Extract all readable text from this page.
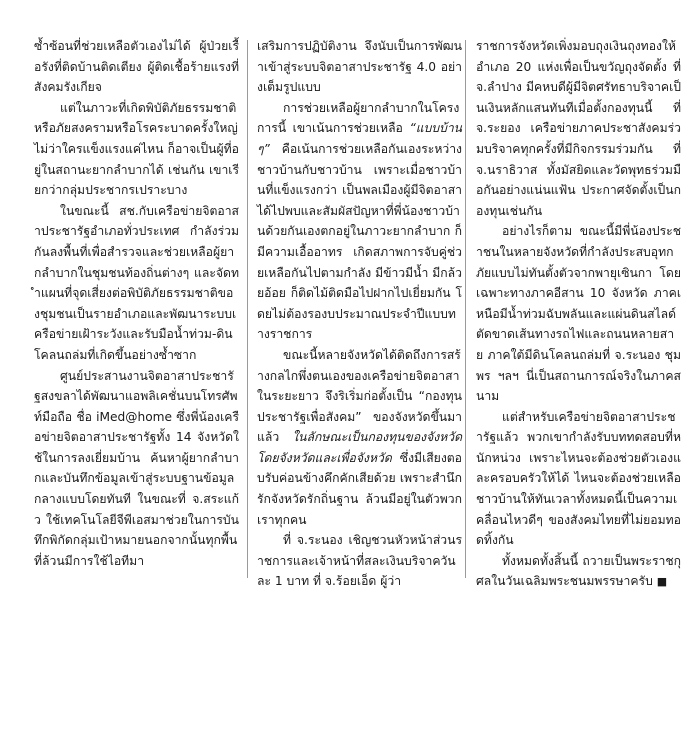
ซ้ำซ้อนที่ช่วยเหลือตัวเองไม่ได้ ผู้ป่วยเรื้อรังที่ติดบ้านติดเตียง ผู้ติดเชื้อร้ายแรงที่สังคมรังเกียจ

แต่ในภาวะที่เกิดพิบัติภัยธรรมชาติหรือภัยสงครามหรือโรคระบาดครั้งใหญ่ ไม่ว่าใครแข็งแรงแค่ไหน ก็อาจเป็นผู้ที่อยู่ในสถานะยากลำบากได้ เช่นกัน เขาเรียกว่ากลุ่มประชากรเปราะบาง

ในขณะนี้ สช.กับเครือข่ายจิตอาสาประชารัฐอำเภอทั่วประเทศ กำลังร่วมกันลงพื้นที่เพื่อสำรวจและช่วยเหลือผู้ยากลำบากในชุมชนท้องถิ่นต่างๆ และจัดทำแผนที่จุดเสี่ยงต่อพิบัติภัยธรรมชาติของชุมชนเป็นรายอำเภอและพัฒนาระบบเครือข่ายเฝ้าระวังและรับมือน้ำท่วม-ดินโคลนถล่มที่เกิดขึ้นอย่างซ้ำซาก

ศูนย์ประสานงานจิตอาสาประชารัฐสงขลาได้พัฒนาแอพลิเคชั่นบนโทรศัพท์มือถือ ชื่อ iMed@home ซึ่งพี่น้องเครือข่ายจิตอาสาประชารัฐทั้ง 14 จังหวัดใช้ในการลงเยี่ยมบ้าน ค้นหาผู้ยากลำบากและบันทึกข้อมูลเข้าสู่ระบบฐานข้อมูลกลางแบบโดยทันที ในขณะที่ จ.สระแก้ว ใช้เทคโนโลยีจีพีเอสมาช่วยในการบันทึกพิกัดกลุ่มเป้าหมายนอกจากนั้นทุกพื้นที่ล้วนมีการใช้ไอทีมา

เสริมการปฏิบัติงาน จึงนับเป็นการพัฒนาเข้าสู่ระบบจิตอาสาประชารัฐ 4.0 อย่างเต็มรูปแบบ

การช่วยเหลือผู้ยากลำบากในโครงการนี้ เขาเน้นการช่วยเหลือ “แบบบ้านๆ” คือเน้นการช่วยเหลือกันเองระหว่างชาวบ้านกับชาวบ้าน เพราะเมื่อชาวบ้านที่แข็งแรงกว่า เป็นพลเมืองผู้มีจิตอาสา ได้ไปพบและสัมผัสปัญหาที่พี่น้องชาวบ้านด้วยกันเองตกอยู่ในภาวะยากลำบาก ก็มีความเอื้ออาทร เกิดสภาพการจับคู่ช่วยเหลือกันไปตามกำลัง มีข้าวมีน้ำ มีกล้วยอ้อย ก็ติดไม้ติดมือไปฝากไปเยี่ยมกัน โดยไม่ต้องรองบประมาณประจำปีแบบทางราชการ

ขณะนี้หลายจังหวัดได้ติดถึงการสร้างกลไกพึ่งตนเองของเครือข่ายจิตอาสาในระยะยาว จึงริเริ่มก่อตั้งเป็น “กองทุนประชารัฐเพื่อสังคม” ของจังหวัดขึ้นมาแล้ว ในลักษณะเป็นกองทุนของจังหวัด โดยจังหวัดและเพื่อจังหวัด ซึ่งมีเสียงตอบรับค่อนข้างคึกคักเสียด้วย เพราะสำนึกรักจังหวัดรักถิ่นฐาน ล้วนมีอยู่ในตัวพวกเราทุกคน

ที่ จ.ระนอง เชิญชวนหัวหน้าส่วนราชการและเจ้าหน้าที่สละเงินบริจาควันละ 1 บาท ที่ จ.ร้อยเอ็ด ผู้ว่า

ราชการจังหวัดเพิ่งมอบถุงเงินถุงทองให้อำเภอ 20 แห่งเพื่อเป็นขวัญถุงจัดตั้ง ที่ จ.ลำปาง มีคหบดีผู้มีจิตศรัทธาบริจาคเป็นเงินหลักแสนทันทีเมื่อตั้งกองทุนนี้ ที่ จ.ระยอง เครือข่ายภาคประชาสังคมร่วมบริจาคทุกครั้งที่มีกิจกรรมร่วมกัน ที่ จ.นราธิวาส ทั้งมัสยิดและวัดพุทธร่วมมือกันอย่างแน่นแฟ้น ประกาศจัดตั้งเป็นกองทุนเช่นกัน

อย่างไรก็ตาม ขณะนี้มีพี่น้องประชาชนในหลายจังหวัดที่กำลังประสบอุทกภัยแบบไม่ทันตั้งตัวจากพายุเซินกา โดยเฉพาะทางภาคอีสาน 10 จังหวัด ภาคเหนือมีน้ำท่วมฉับพลันและแผ่นดินสไลด์ตัดขาดเส้นทางรถไฟและถนนหลายสาย ภาคใต้มีดินโคลนถล่มที่ จ.ระนอง ชุมพร ฯลฯ นี่เป็นสถานการณ์จริงในภาคสนาม

แต่สำหรับเครือข่ายจิตอาสาประชารัฐแล้ว พวกเขากำลังรับบททดสอบที่หนักหน่วง เพราะไหนจะต้องช่วยตัวเองและครอบครัวให้ได้ ไหนจะต้องช่วยเหลือชาวบ้านให้ทันเวลาทั้งหมดนี้เป็นความเคลื่อนไหวดีๆ ของสังคมไทยที่ไม่ยอมทอดทิ้งกัน

ทั้งหมดทั้งสิ้นนี้ ถวายเป็นพระราชกุศลในวันเฉลิมพระชนมพรรษาครับ ■
